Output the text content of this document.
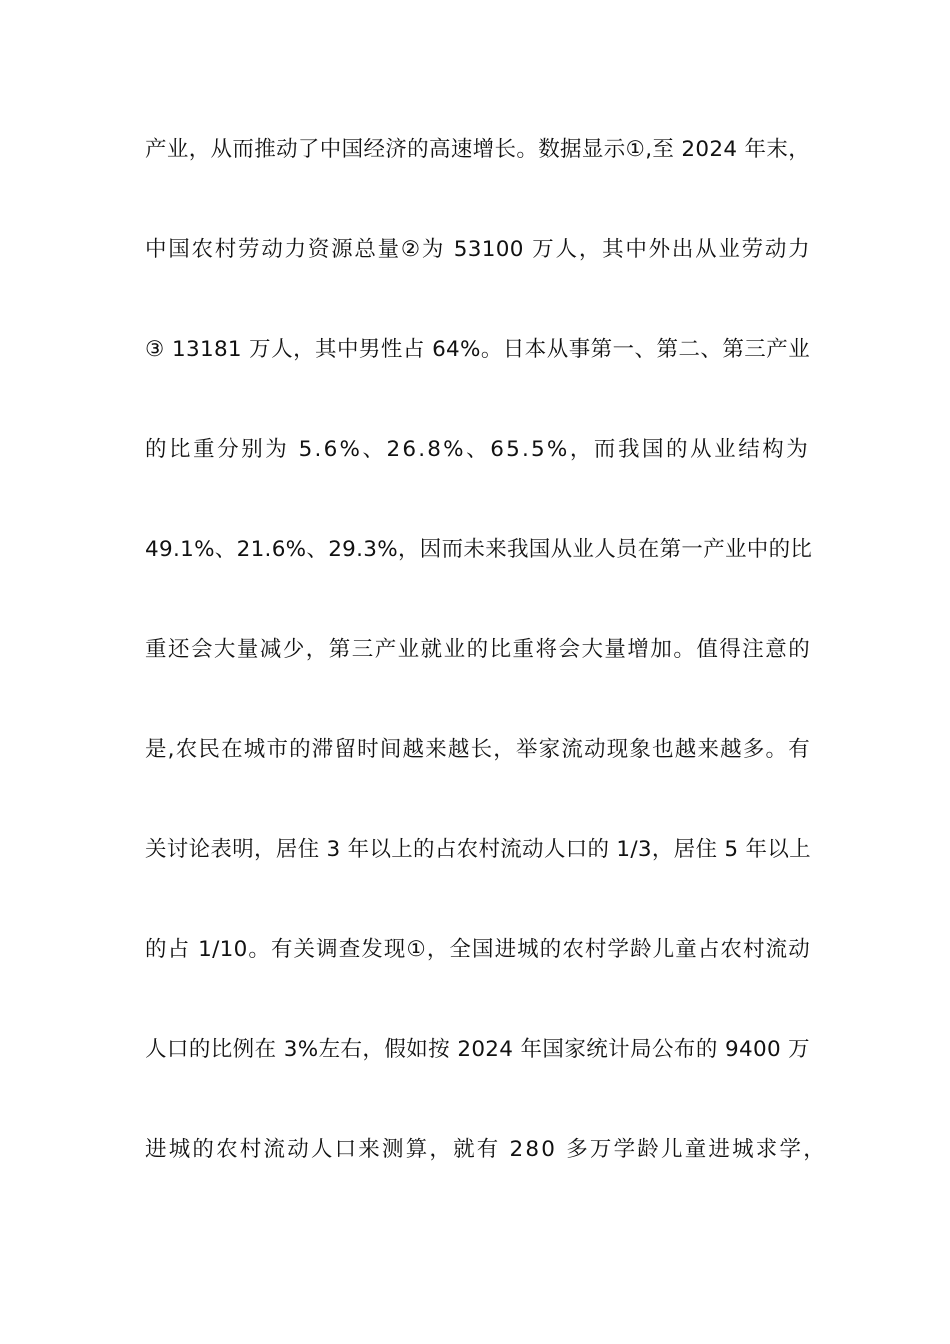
产业，从而推动了中国经济的高速增长。数据显示①,至 2024 年末，
中国农村劳动力资源总量②为 53100 万人，其中外出从业劳动力
③ 13181 万人，其中男性占 64%。日本从事第一、第二、第三产业
的比重分别为 5.6%、26.8%、65.5%，而我国的从业结构为
49.1%、21.6%、29.3%，因而未来我国从业人员在第一产业中的比
重还会大量减少，第三产业就业的比重将会大量增加。值得注意的
是,农民在城市的滞留时间越来越长，举家流动现象也越来越多。有
关讨论表明，居住 3 年以上的占农村流动人口的 1/3，居住 5 年以上
的占 1/10。有关调查发现①，全国进城的农村学龄儿童占农村流动
人口的比例在 3%左右，假如按 2024 年国家统计局公布的 9400 万
进城的农村流动人口来测算，就有 280 多万学龄儿童进城求学，
